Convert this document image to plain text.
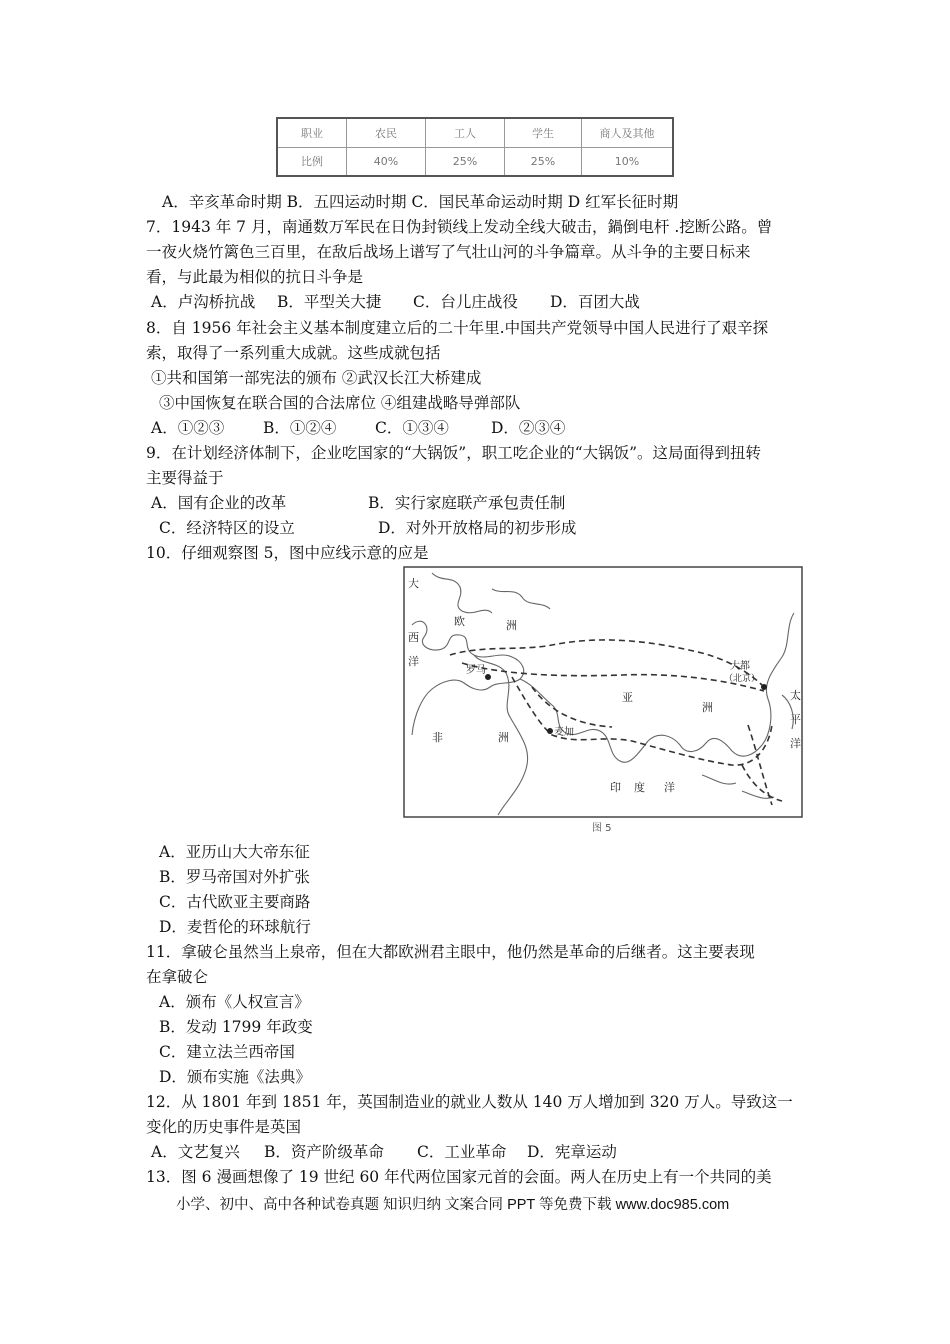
职业	农民	工人	学生	商人及其他
比例	40%	25%	25%	10%
A．辛亥革命时期 B．五四运动时期 C．国民革命运动时期 D 红军长征时期
7．1943 年 7 月，南通数万军民在日伪封锁线上发动全线大破击，鍋倒电杆 .挖断公路。曾
一夜火烧竹篱色三百里，在敌后战场上谱写了气壮山河的斗争篇章。从斗争的主要日标来
看，与此最为相似的抗日斗争是
A．卢沟桥抗战 B．平型关大捷 C．台儿庄战役 D．百团大战
8．自 1956 年社会主义基本制度建立后的二十年里.中国共产党领导中国人民进行了艰辛探
索，取得了一系列重大成就。这些成就包括
①共和国第一部宪法的颁布 ②武汉长江大桥建成
③中国恢复在联合国的合法席位 ④组建战略导弹部队
A．①②③	B．①②④ C．①③④	D．②③④
9．在计划经济体制下，企业吃国家的“大锅饭”，职工吃企业的“大锅饭”。这局面得到扭转
主要得益于
A．国有企业的改革	B．实行家庭联产承包责任制
C．经济特区的设立	D．对外开放格局的初步形成
10．仔细观察图 5，图中应线示意的应是
大
西
洋
欧	洲
罗马
亚
洲
非	洲	麦加
大都
（北京）
印 度 洋
太
平
洋
图 5
A．亚历山大大帝东征
B．罗马帝国对外扩张
C．古代欧亚主要商路
D．麦哲伦的环球航行
11．拿破仑虽然当上泉帝，但在大都欧洲君主眼中，他仍然是革命的后继者。这主要表现
在拿破仑
A．颁布《人权宣言》
B．发动 1799 年政变
C．建立法兰西帝国
D．颁布实施《法典》
12．从 1801 年到 1851 年，英国制造业的就业人数从 140 万人增加到 320 万人。导致这一
变化的历史事件是英国
A．文艺复兴 B．资产阶级革命 C．工业革命 D．宪章运动
13．图 6 漫画想像了 19 世纪 60 年代两位国家元首的会面。两人在历史上有一个共同的美
小学、初中、高中各种试卷真题 知识归纳 文案合同 PPT 等免费下载 www.doc985.com
